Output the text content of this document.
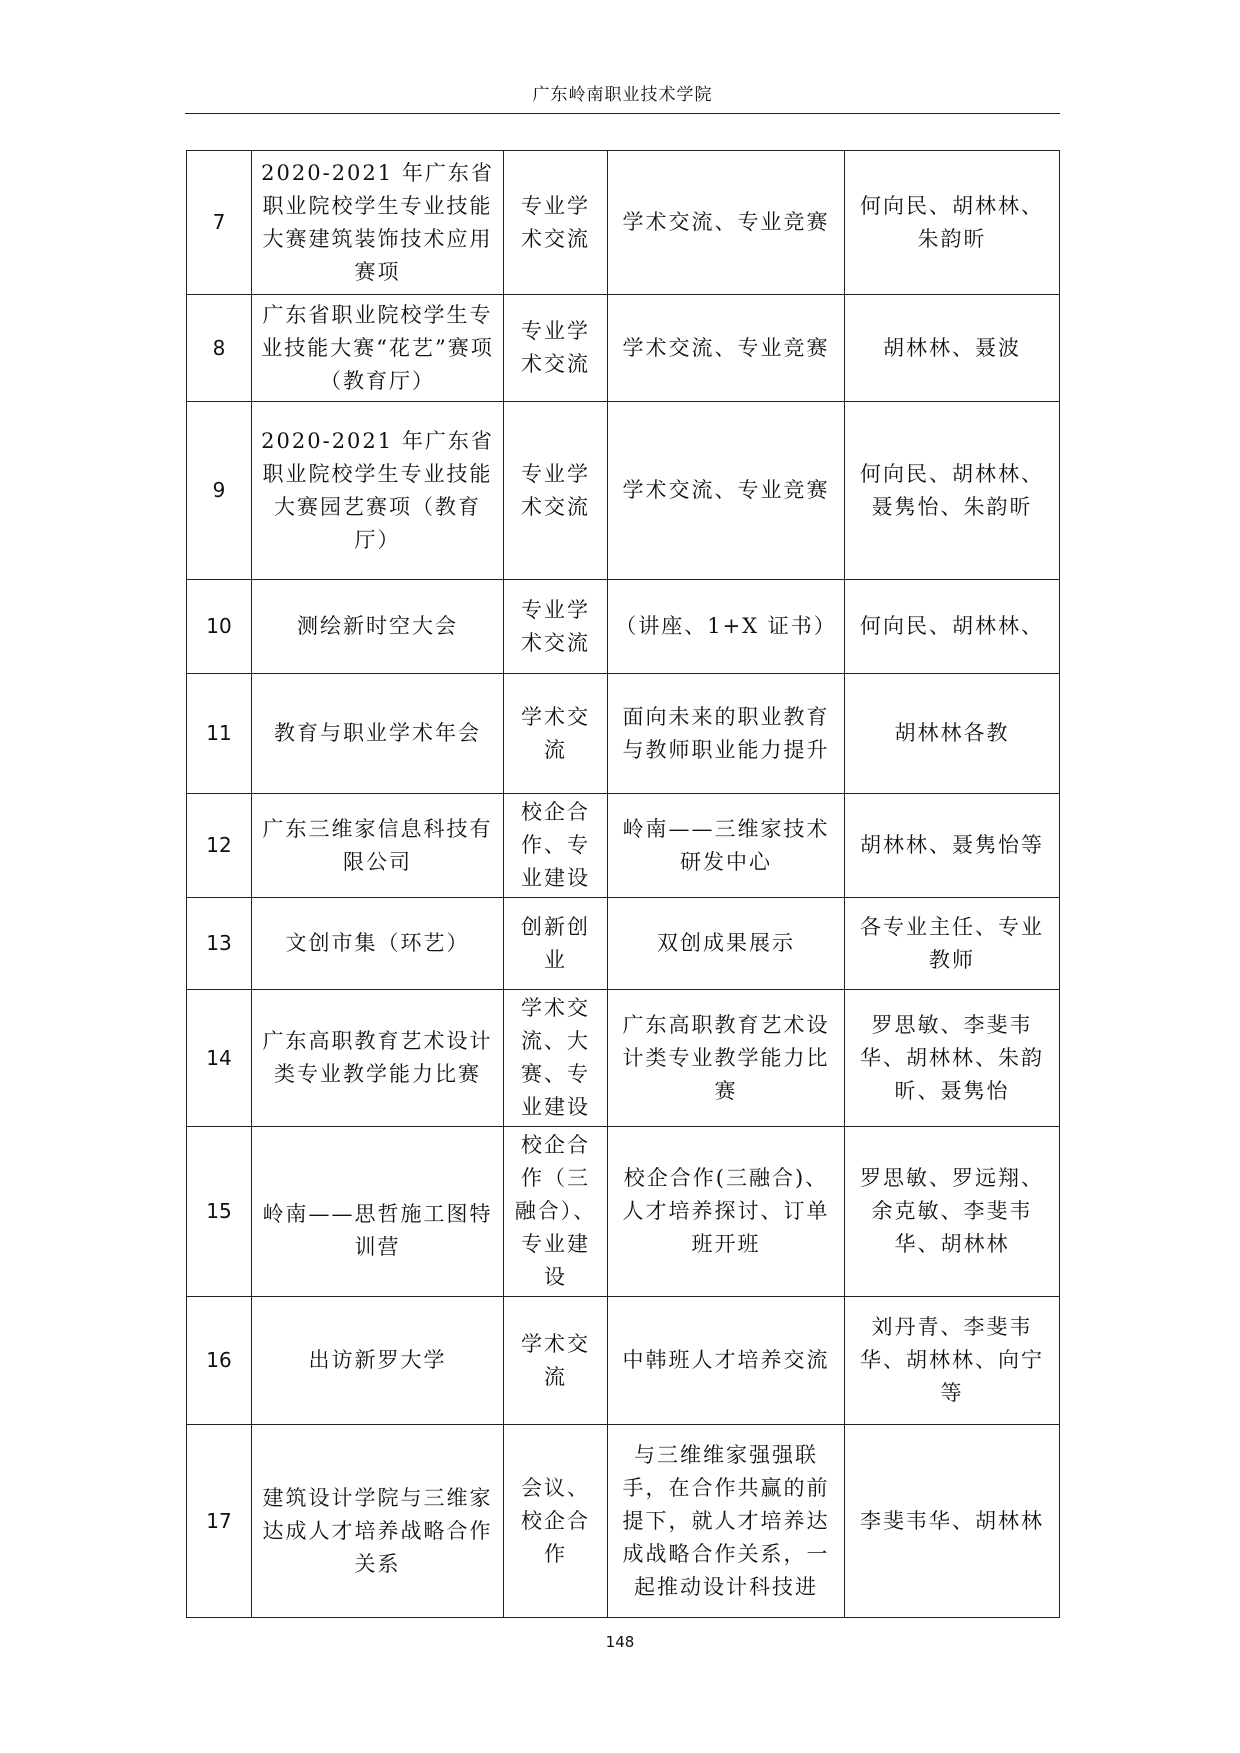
广东岭南职业技术学院
7	2020-2021 年广东省职业院校学生专业技能大赛建筑装饰技术应用赛项	专业学术交流	学术交流、专业竞赛	何向民、胡林林、朱韵昕
8	广东省职业院校学生专业技能大赛“花艺”赛项（教育厅）	专业学术交流	学术交流、专业竞赛	胡林林、聂波
9	2020-2021 年广东省职业院校学生专业技能大赛园艺赛项（教育厅）	专业学术交流	学术交流、专业竞赛	何向民、胡林林、聂隽怡、朱韵昕
10	测绘新时空大会	专业学术交流	（讲座、1+X 证书）	何向民、胡林林、
11	教育与职业学术年会	学术交流	面向未来的职业教育与教师职业能力提升	胡林林各教
12	广东三维家信息科技有限公司	校企合作、专业建设	岭南——三维家技术研发中心	胡林林、聂隽怡等
13	文创市集（环艺）	创新创业	双创成果展示	各专业主任、专业教师
14	广东高职教育艺术设计类专业教学能力比赛	学术交流、大赛、专业建设	广东高职教育艺术设计类专业教学能力比赛	罗思敏、李斐韦华、胡林林、朱韵昕、聂隽怡
15	岭南——思哲施工图特训营	校企合作（三融合）、专业建设	校企合作(三融合)、人才培养探讨、订单班开班	罗思敏、罗远翔、余克敏、李斐韦华、胡林林
16	出访新罗大学	学术交流	中韩班人才培养交流	刘丹青、李斐韦华、胡林林、向宁等
17	建筑设计学院与三维家达成人才培养战略合作关系	会议、校企合作	与三维维家强强联手，在合作共赢的前提下，就人才培养达成战略合作关系，一起推动设计科技进	李斐韦华、胡林林
148
